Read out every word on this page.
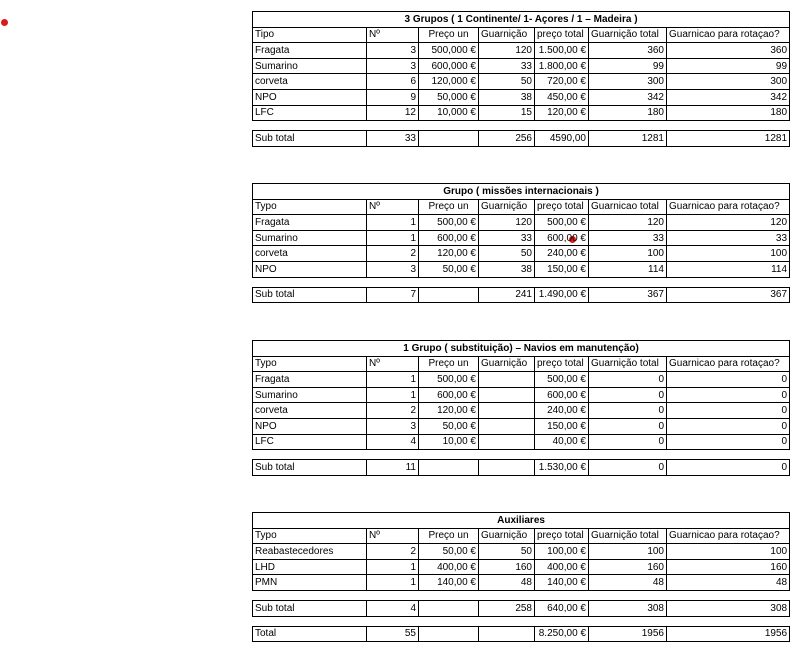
3 Grupos ( 1 Continente/ 1- Açores / 1 – Madeira )						
Tipo	Nº	Preço un	Guarnição	preço total	Guarnição total	Guarnicao para rotaçao?
Fragata	3	500,000 €	120	1.500,00 €	360	360
Sumarino	3	600,000 €	33	1.800,00 €	99	99
corveta	6	120,000 €	50	720,00 €	300	300
NPO	9	50,000 €	38	450,00 €	342	342
LFC	12	10,000 €	15	120,00 €	180	180

Sub total	33		256	4590,00	1281	1281
Grupo ( missões internacionais )						
Typo	Nº	Preço un	Guarnição	preço total	Guarnicao total	Guarnicao para rotaçao?
Fragata	1	500,00 €	120	500,00 €	120	120
Sumarino	1	600,00 €	33	600,00 €	33	33
corveta	2	120,00 €	50	240,00 €	100	100
NPO	3	50,00 €	38	150,00 €	114	114

Sub total	7		241	1.490,00 €	367	367
1 Grupo ( substituição) – Navios em manutenção)						
Typo	Nº	Preço un	Guarnição	preço total	Guarnição total	Guarnicao para rotaçao?
Fragata	1	500,00 €		500,00 €	0	0
Sumarino	1	600,00 €		600,00 €	0	0
corveta	2	120,00 €		240,00 €	0	0
NPO	3	50,00 €		150,00 €	0	0
LFC	4	10,00 €		40,00 €	0	0

Sub total	11			1.530,00 €	0	0
Auxiliares						
Typo	Nº	Preço un	Guarnição	preço total	Guarnição total	Guarnicao para rotaçao?
Reabastecedores	2	50,00 €	50	100,00 €	100	100
LHD	1	400,00 €	160	400,00 €	160	160
PMN	1	140,00 €	48	140,00 €	48	48

Sub total	4		258	640,00 €	308	308

Total	55			8.250,00 €	1956	1956
